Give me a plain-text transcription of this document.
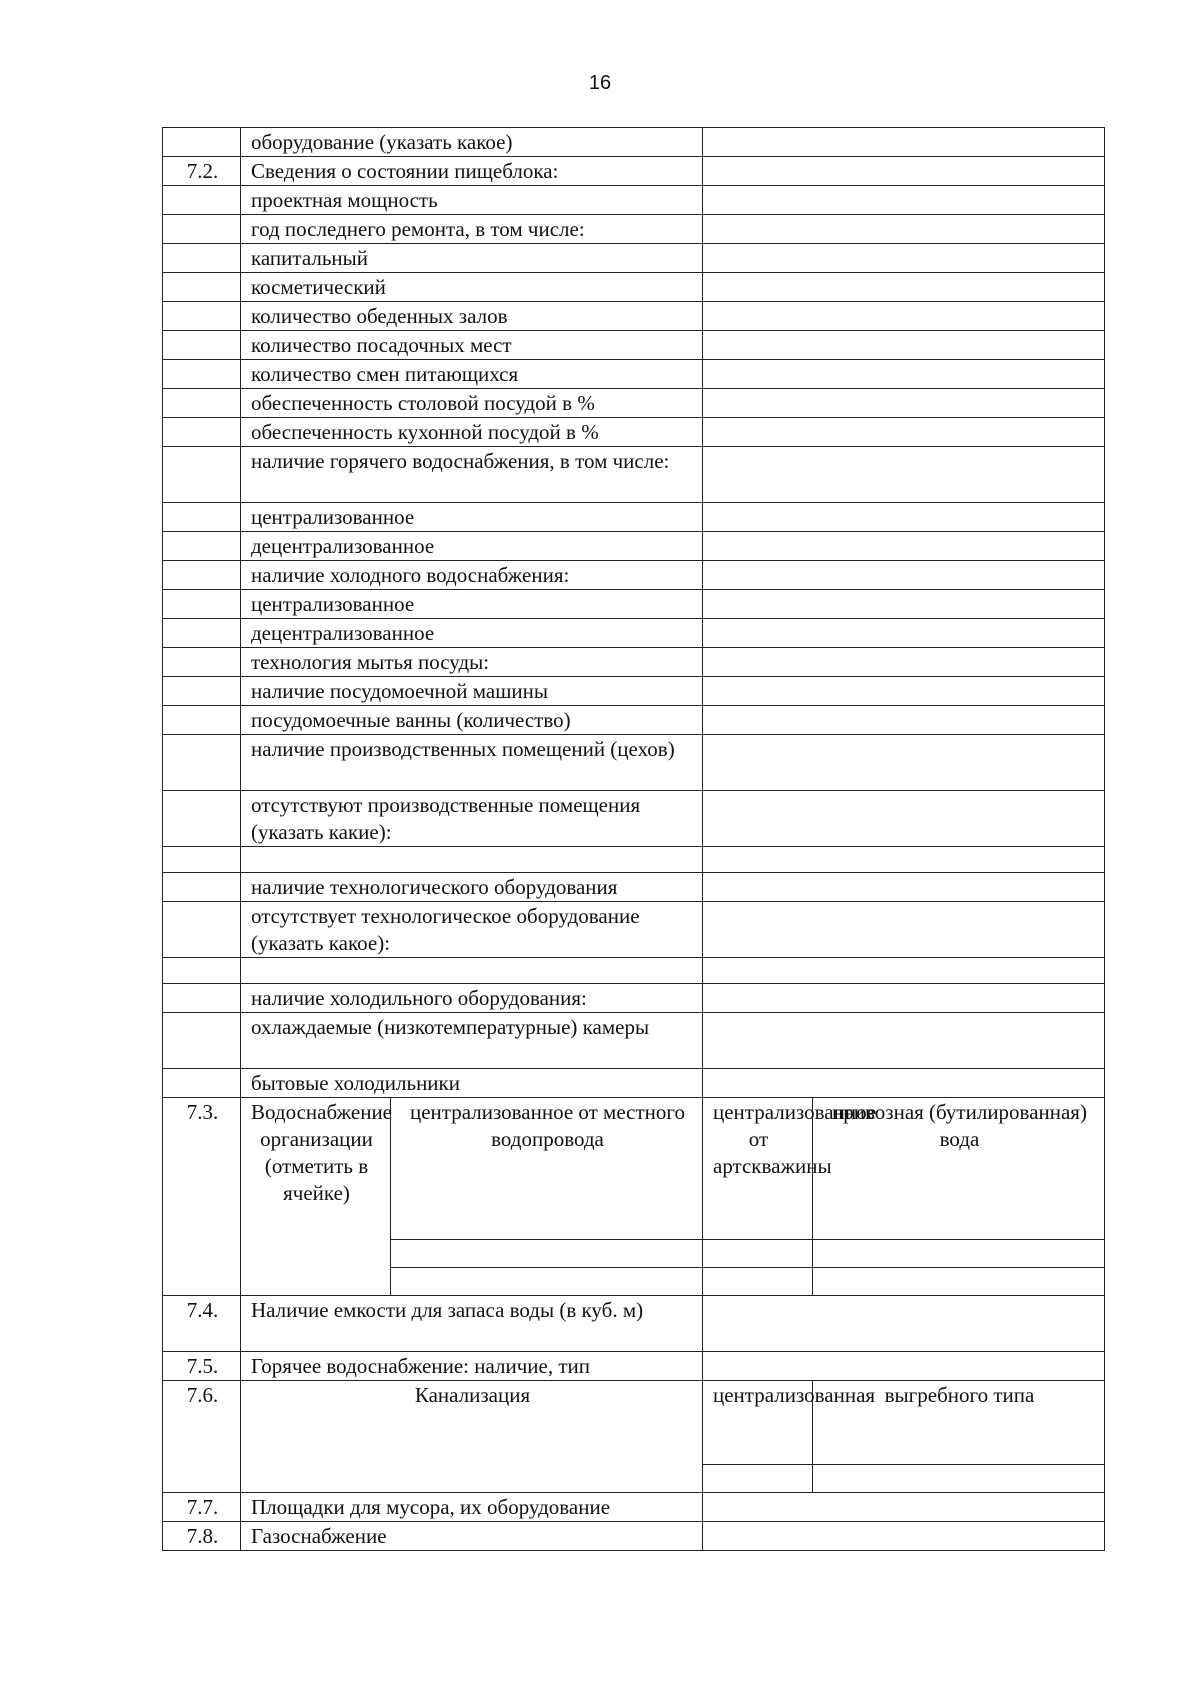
16
	оборудование (указать какое)			
7.2.	Сведения о состоянии пищеблока:			
	проектная мощность			
	год последнего ремонта, в том числе:			
	капитальный			
	косметический			
	количество обеденных залов			
	количество посадочных мест			
	количество смен питающихся			
	обеспеченность столовой посудой в %			
	обеспеченность кухонной посудой в %			
	наличие горячего водоснабжения, в том числе:			
	централизованное			
	децентрализованное			
	наличие холодного водоснабжения:			
	централизованное			
	децентрализованное			
	технология мытья посуды:			
	наличие посудомоечной машины			
	посудомоечные ванны (количество)			
	наличие производственных помещений (цехов)			
	отсутствуют производственные помещения (указать какие):			

	наличие технологического оборудования			
	отсутствует технологическое оборудование (указать какое):			

	наличие холодильного оборудования:			
	охлаждаемые (низкотемпературные) камеры			
	бытовые холодильники			
7.3.	Водоснабжение организации (отметить в ячейке)	централизованное от местного водопровода	централизованное от артскважины	привозная (бутилированная) вода

7.4.	Наличие емкости для запаса воды (в куб. м)			
7.5.	Горячее водоснабжение: наличие, тип			
7.6.	Канализация		централизованная	выгребного типа

7.7.	Площадки для мусора, их оборудование			
7.8.	Газоснабжение			
